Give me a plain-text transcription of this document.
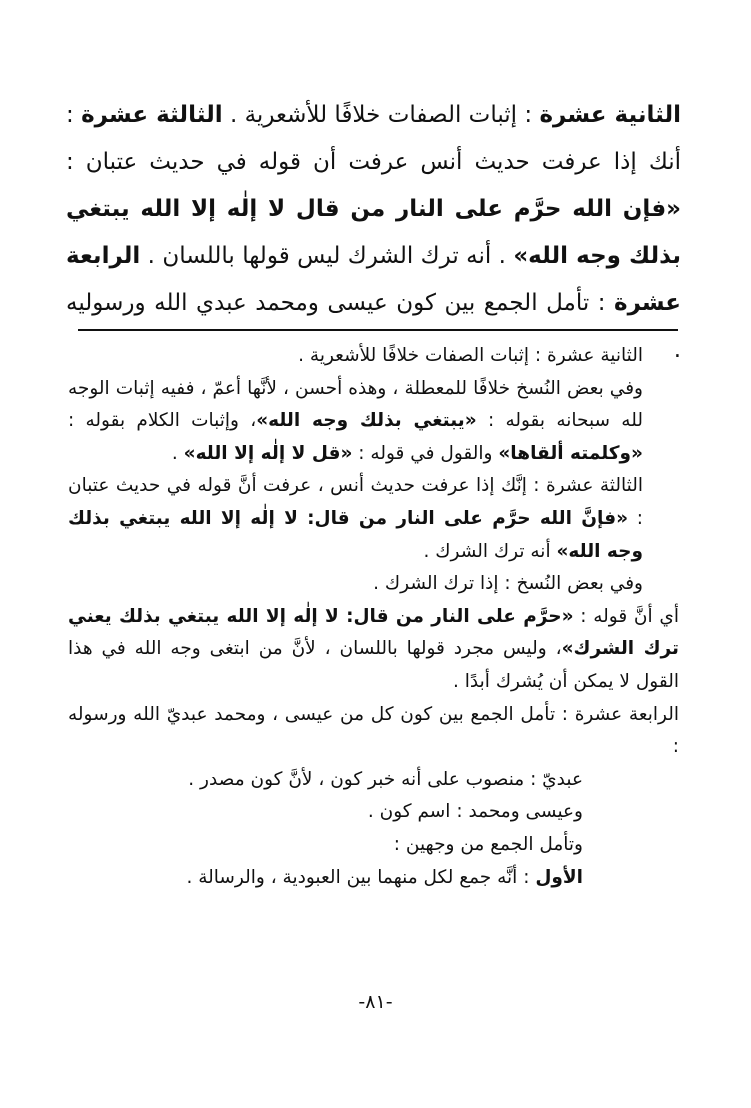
الثانية عشرة : إثبات الصفات خلافًا للأشعرية . الثالثة عشرة : أنك إذا عرفت حديث أنس عرفت أن قوله في حديث عتبان : «فإن الله حرَّم على النار من قال لا إلٰه إلا الله يبتغي بذلك وجه الله» . أنه ترك الشرك ليس قولها باللسان . الرابعة عشرة : تأمل الجمع بين كون عيسى ومحمد عبدي الله ورسوليه .

الثانية عشرة : إثبات الصفات خلافًا للأشعرية .

وفي بعض النُسخ خلافًا للمعطلة ، وهذه أحسن ، لأنَّها أعمّ ، ففيه إثبات الوجه لله سبحانه بقوله : «يبتغي بذلك وجه الله»، وإثبات الكلام بقوله : «وكلمته ألقاها» والقول في قوله : «قل لا إلٰه إلا الله» .

الثالثة عشرة : إنَّك إذا عرفت حديث أنس ، عرفت أنَّ قوله في حديث عتبان : «فإنَّ الله حرَّم على النار من قال: لا إلٰه إلا الله يبتغي بذلك وجه الله» أنه ترك الشرك .

وفي بعض النُسخ : إذا ترك الشرك .

أي أنَّ قوله : «حرَّم على النار من قال: لا إلٰه إلا الله يبتغي بذلك يعني ترك الشرك»، وليس مجرد قولها باللسان ، لأنَّ من ابتغى وجه الله في هذا القول لا يمكن أن يُشرك أبدًا .

الرابعة عشرة : تأمل الجمع بين كون كل من عيسى ، ومحمد عبديّ الله ورسوله :

عبديّ : منصوب على أنه خبر كون ، لأنَّ كون مصدر .

وعيسى ومحمد : اسم كون .

وتأمل الجمع من وجهين :

الأول : أنَّه جمع لكل منهما بين العبودية ، والرسالة .

-٨١-
